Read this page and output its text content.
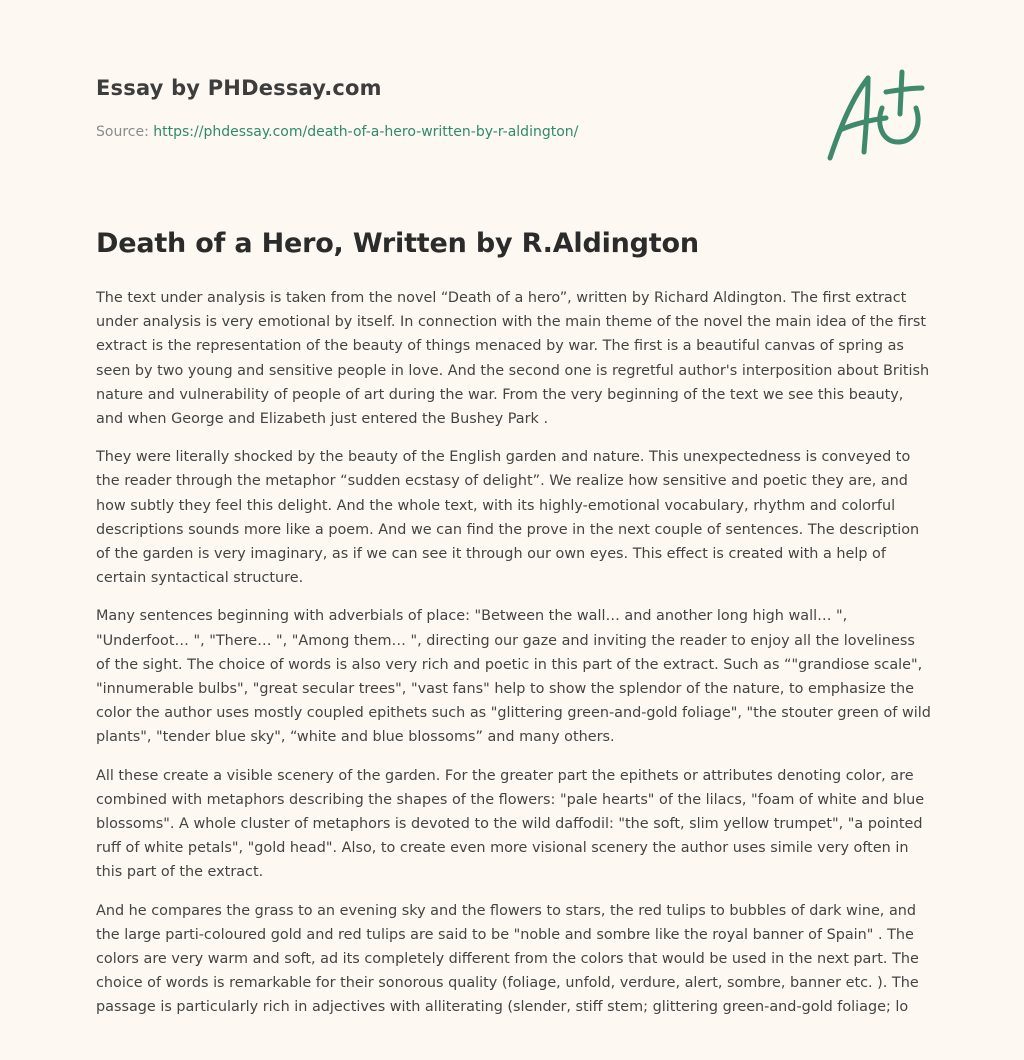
Essay by PHDessay.com
Source: https://phdessay.com/death-of-a-hero-written-by-r-aldington/
Death of a Hero, Written by R.Aldington

The text under analysis is taken from the novel “Death of a hero”, written by Richard Aldington. The first extract under analysis is very emotional by itself. In connection with the main theme of the novel the main idea of the first extract is the representation of the beauty of things menaced by war. The first is a beautiful canvas of spring as seen by two young and sensitive people in love. And the second one is regretful author's interposition about British nature and vulnerability of people of art during the war. From the very beginning of the text we see this beauty, and when George and Elizabeth just entered the Bushey Park .

They were literally shocked by the beauty of the English garden and nature. This unexpectedness is conveyed to the reader through the metaphor “sudden ecstasy of delight”. We realize how sensitive and poetic they are, and how subtly they feel this delight. And the whole text, with its highly-emotional vocabulary, rhythm and colorful descriptions sounds more like a poem. And we can find the prove in the next couple of sentences. The description of the garden is very imaginary, as if we can see it through our own eyes. This effect is created with a help of certain syntactical structure.

Many sentences beginning with adverbials of place: "Between the wall… and another long high wall… ", "Underfoot… ", "There… ", "Among them… ", directing our gaze and inviting the reader to enjoy all the loveliness of the sight. The choice of words is also very rich and poetic in this part of the extract. Such as “"grandiose scale", "innumerable bulbs", "great secular trees", "vast fans" help to show the splendor of the nature, to emphasize the color the author uses mostly coupled epithets such as "glittering green-and-gold foliage", "the stouter green of wild plants", "tender blue sky", “white and blue blossoms” and many others.

All these create a visible scenery of the garden. For the greater part the epithets or attributes denoting color, are combined with metaphors describing the shapes of the flowers: "pale hearts" of the lilacs, "foam of white and blue blossoms". A whole cluster of metaphors is devoted to the wild daffodil: "the soft, slim yellow trumpet", "a pointed ruff of white petals", "gold head". Also, to create even more visional scenery the author uses simile very often in this part of the extract.

And he compares the grass to an evening sky and the flowers to stars, the red tulips to bubbles of dark wine, and the large parti-coloured gold and red tulips are said to be "noble and sombre like the royal banner of Spain" . The colors are very warm and soft, ad its completely different from the colors that would be used in the next part. The choice of words is remarkable for their sonorous quality (foliage, unfold, verdure, alert, sombre, banner etc. ). The passage is particularly rich in adjectives with alliterating (slender, stiff stem; glittering green-and-gold foliage; lo
